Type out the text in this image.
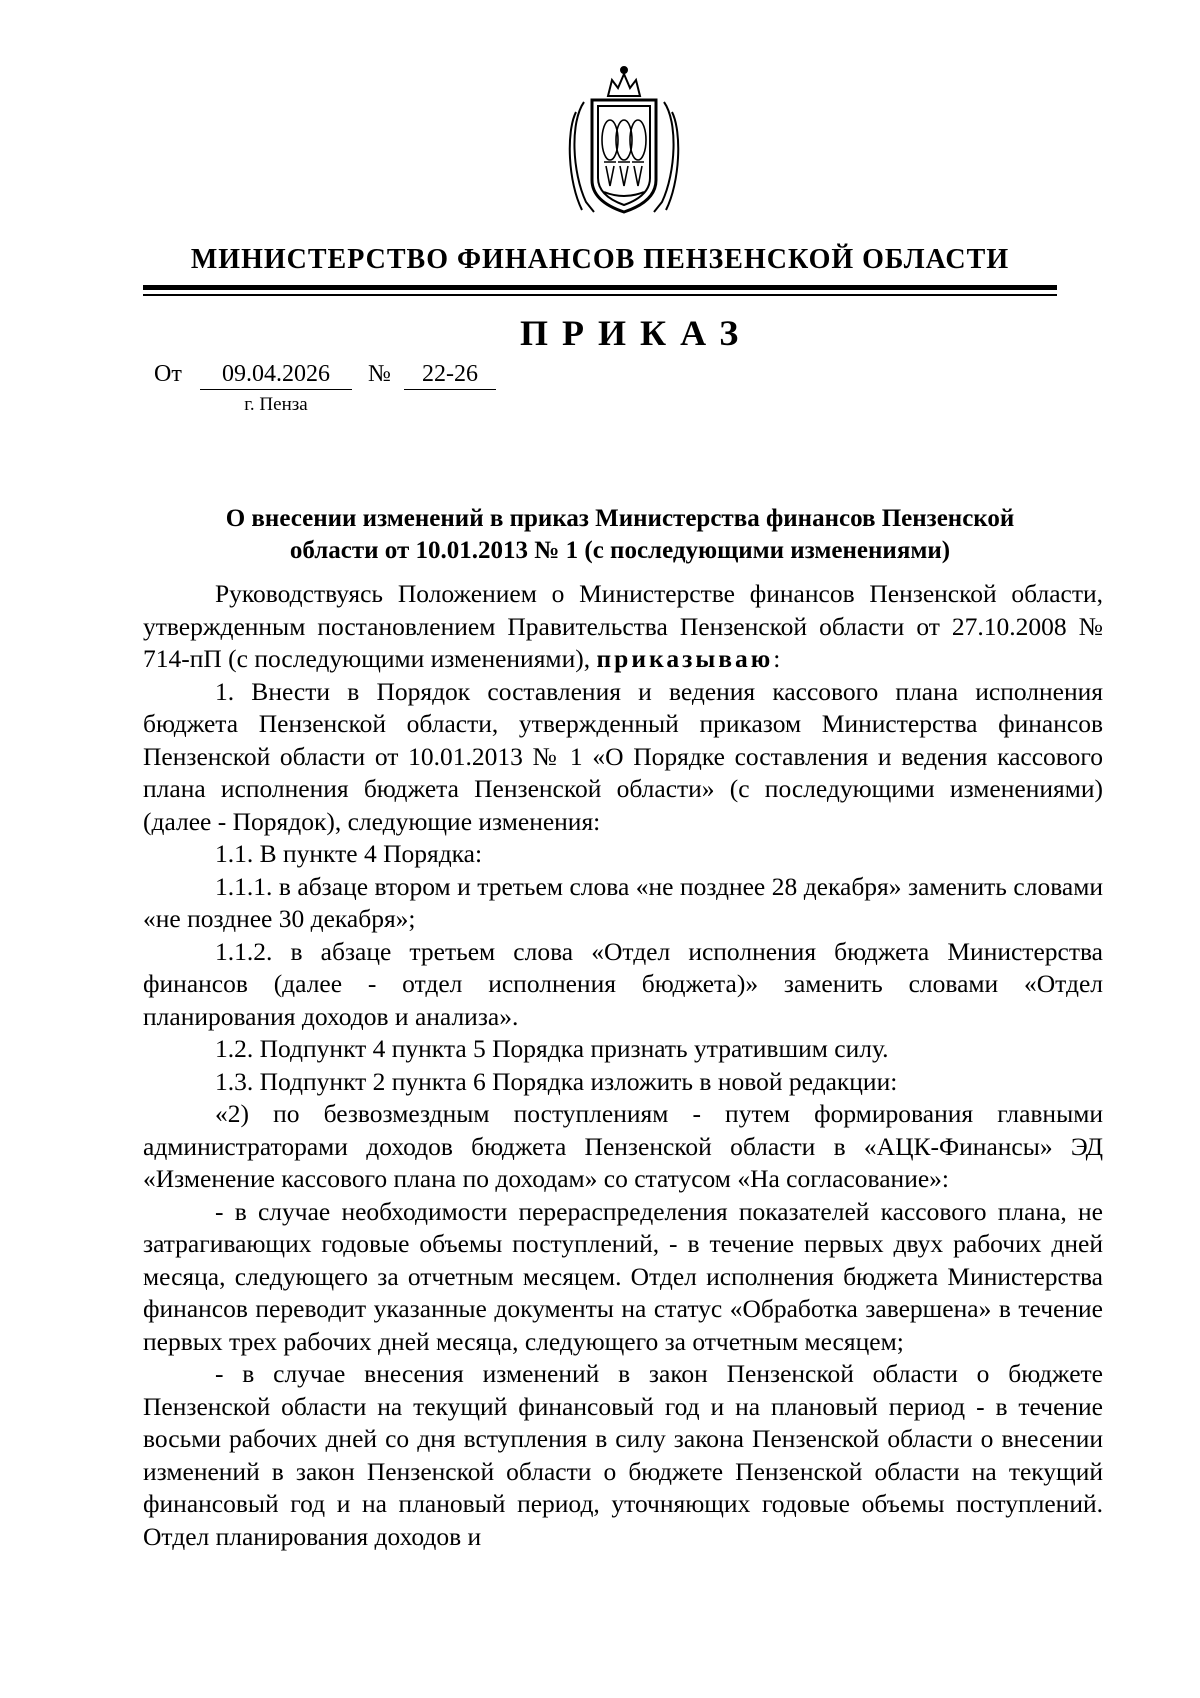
МИНИСТЕРСТВО ФИНАНСОВ ПЕНЗЕНСКОЙ ОБЛАСТИ
ПРИКАЗ
От	09.04.2026	№	22-26
г. Пенза
О внесении изменений в приказ Министерства финансов Пензенской
области от 10.01.2013 № 1 (с последующими изменениями)

Руководствуясь Положением о Министерстве финансов Пензенской области, утвержденным постановлением Правительства Пензенской области от 27.10.2008 № 714-пП (с последующими изменениями), приказываю:

1. Внести в Порядок составления и ведения кассового плана исполнения бюджета Пензенской области, утвержденный приказом Министерства финансов Пензенской области от 10.01.2013 № 1 «О Порядке составления и ведения кассового плана исполнения бюджета Пензенской области» (с последующими изменениями) (далее - Порядок), следующие изменения:

1.1. В пункте 4 Порядка:

1.1.1. в абзаце втором и третьем слова «не позднее 28 декабря» заменить словами «не позднее 30 декабря»;

1.1.2. в абзаце третьем слова «Отдел исполнения бюджета Министерства финансов (далее - отдел исполнения бюджета)» заменить словами «Отдел планирования доходов и анализа».

1.2. Подпункт 4 пункта 5 Порядка признать утратившим силу.

1.3. Подпункт 2 пункта 6 Порядка изложить в новой редакции:

«2) по безвозмездным поступлениям - путем формирования главными администраторами доходов бюджета Пензенской области в «АЦК-Финансы» ЭД «Изменение кассового плана по доходам» со статусом «На согласование»:

- в случае необходимости перераспределения показателей кассового плана, не затрагивающих годовые объемы поступлений, - в течение первых двух рабочих дней месяца, следующего за отчетным месяцем. Отдел исполнения бюджета Министерства финансов переводит указанные документы на статус «Обработка завершена» в течение первых трех рабочих дней месяца, следующего за отчетным месяцем;

- в случае внесения изменений в закон Пензенской области о бюджете Пензенской области на текущий финансовый год и на плановый период - в течение восьми рабочих дней со дня вступления в силу закона Пензенской области о внесении изменений в закон Пензенской области о бюджете Пензенской области на текущий финансовый год и на плановый период, уточняющих годовые объемы поступлений. Отдел планирования доходов и
